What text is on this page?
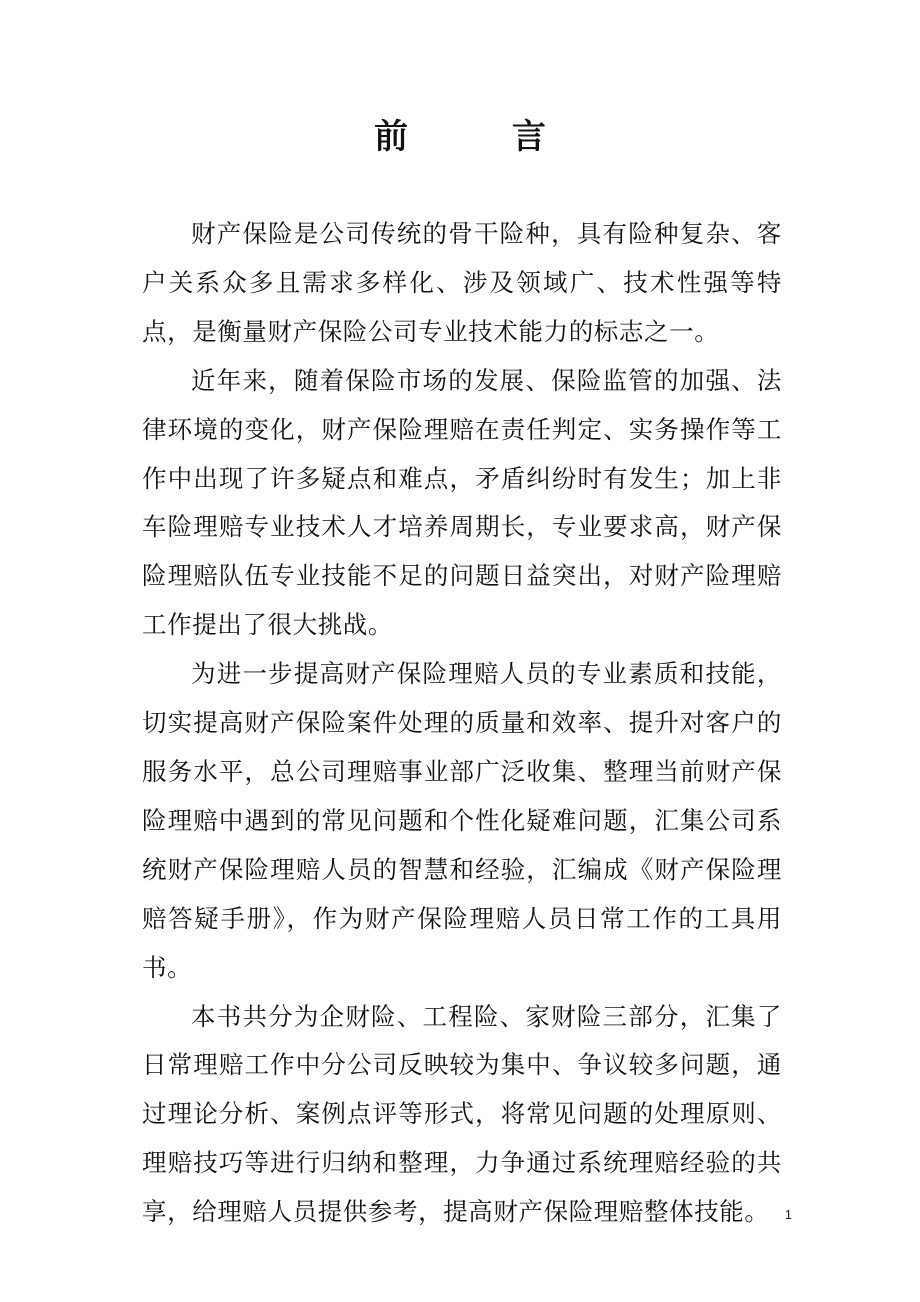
前 言

财产保险是公司传统的骨干险种，具有险种复杂、客户关系众多且需求多样化、涉及领域广、技术性强等特点，是衡量财产保险公司专业技术能力的标志之一。

近年来，随着保险市场的发展、保险监管的加强、法律环境的变化，财产保险理赔在责任判定、实务操作等工作中出现了许多疑点和难点，矛盾纠纷时有发生；加上非车险理赔专业技术人才培养周期长，专业要求高，财产保险理赔队伍专业技能不足的问题日益突出，对财产险理赔工作提出了很大挑战。

为进一步提高财产保险理赔人员的专业素质和技能，切实提高财产保险案件处理的质量和效率、提升对客户的服务水平，总公司理赔事业部广泛收集、整理当前财产保险理赔中遇到的常见问题和个性化疑难问题，汇集公司系统财产保险理赔人员的智慧和经验，汇编成《财产保险理赔答疑手册》，作为财产保险理赔人员日常工作的工具用书。

本书共分为企财险、工程险、家财险三部分，汇集了日常理赔工作中分公司反映较为集中、争议较多问题，通过理论分析、案例点评等形式，将常见问题的处理原则、理赔技巧等进行归纳和整理，力争通过系统理赔经验的共享，给理赔人员提供参考，提高财产保险理赔整体技能。	1
